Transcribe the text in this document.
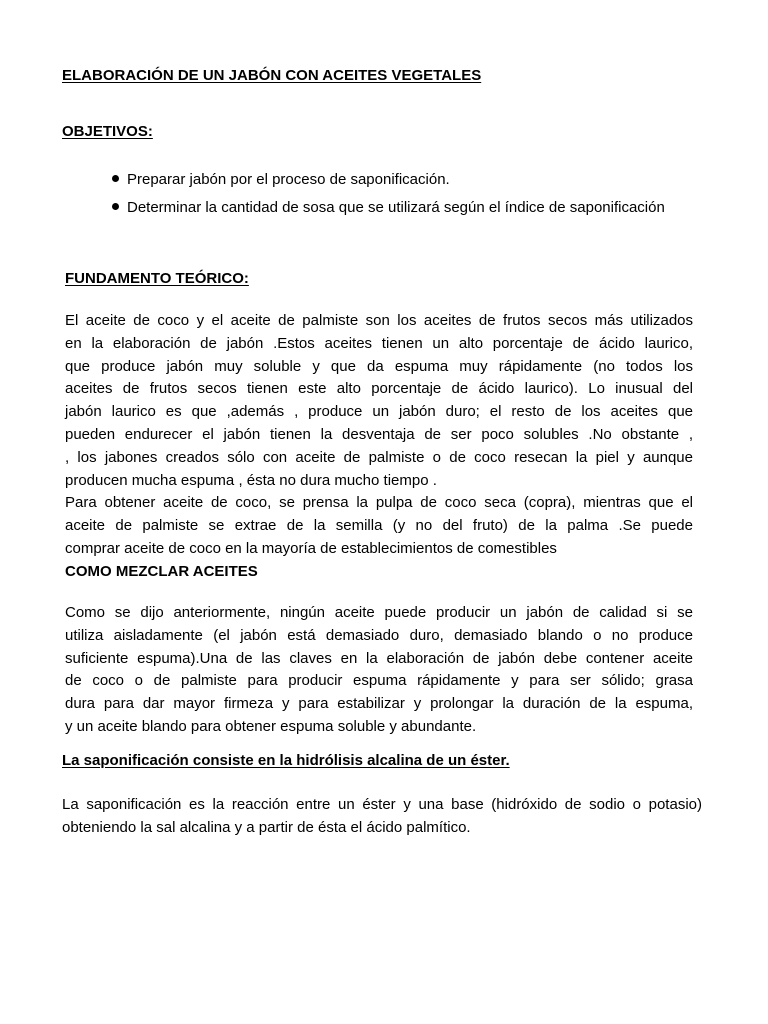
ELABORACIÓN DE UN JABÓN CON ACEITES VEGETALES
OBJETIVOS:
Preparar jabón por el proceso de saponificación.
Determinar la cantidad de sosa que se utilizará según el índice de saponificación
FUNDAMENTO TEÓRICO:
El aceite de coco y el aceite de palmiste son los aceites de frutos secos más utilizados
en la elaboración de jabón .Estos aceites tienen un alto porcentaje de ácido laurico,
que produce jabón muy soluble y que da espuma muy rápidamente (no todos los
aceites de frutos secos tienen este alto porcentaje de ácido laurico). Lo inusual del
jabón laurico es que ,además , produce un jabón duro; el resto de los aceites que
pueden endurecer el jabón tienen la desventaja de ser poco solubles .No obstante ,
, los jabones creados sólo con aceite de palmiste o de coco resecan la piel y aunque
producen mucha espuma , ésta no dura mucho tiempo .
Para obtener aceite de coco, se prensa la pulpa de coco seca (copra), mientras que el
aceite de palmiste se extrae de la semilla (y no del fruto) de la palma .Se puede
comprar aceite de coco en la mayoría de establecimientos de comestibles
COMO MEZCLAR ACEITES
Como se dijo anteriormente, ningún aceite puede producir un jabón de calidad si se
utiliza aisladamente (el jabón está demasiado duro, demasiado blando o no produce
suficiente espuma).Una de las claves en la elaboración de jabón debe contener aceite
de coco o de palmiste para producir espuma rápidamente y para ser sólido; grasa
dura para dar mayor firmeza y para estabilizar y prolongar la duración de la espuma,
y un aceite blando para obtener espuma soluble y abundante.
La saponificación consiste en la hidrólisis alcalina de un éster.
La saponificación es la reacción entre un éster y una base (hidróxido de sodio o potasio)
obteniendo la sal alcalina y a partir de ésta el ácido palmítico.
